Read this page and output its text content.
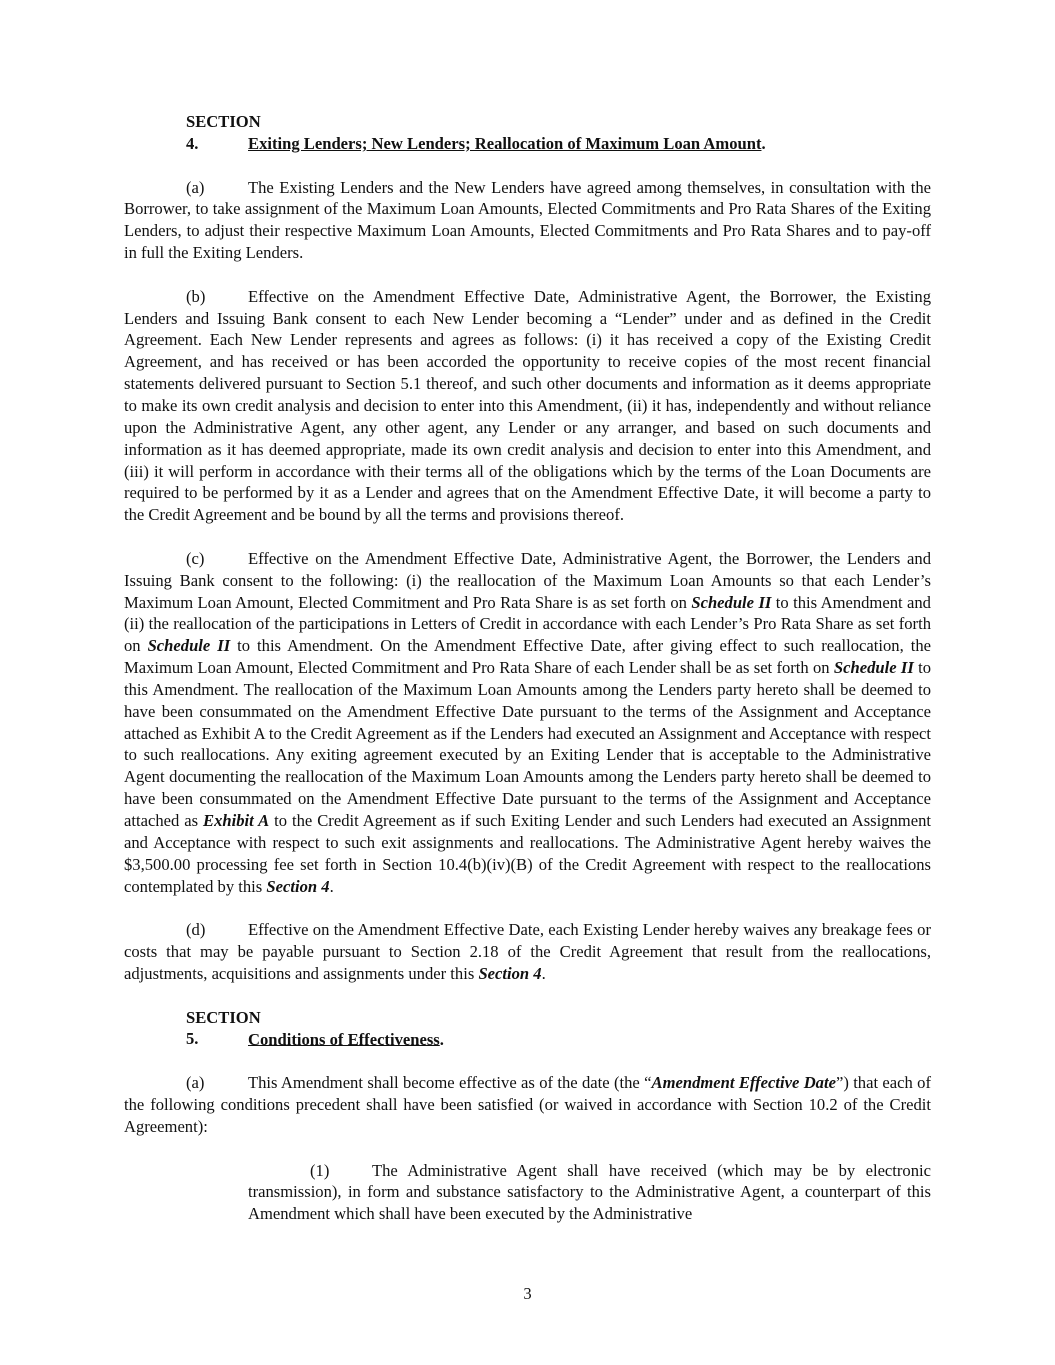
SECTION 4.	Exiting Lenders; New Lenders; Reallocation of Maximum Loan Amount.

(a)	The Existing Lenders and the New Lenders have agreed among themselves, in consultation with the Borrower, to take assignment of the Maximum Loan Amounts, Elected Commitments and Pro Rata Shares of the Exiting Lenders, to adjust their respective Maximum Loan Amounts, Elected Commitments and Pro Rata Shares and to pay-off in full the Exiting Lenders.

(b)	Effective on the Amendment Effective Date, Administrative Agent, the Borrower, the Existing Lenders and Issuing Bank consent to each New Lender becoming a “Lender” under and as defined in the Credit Agreement. Each New Lender represents and agrees as follows: (i) it has received a copy of the Existing Credit Agreement, and has received or has been accorded the opportunity to receive copies of the most recent financial statements delivered pursuant to Section 5.1 thereof, and such other documents and information as it deems appropriate to make its own credit analysis and decision to enter into this Amendment, (ii) it has, independently and without reliance upon the Administrative Agent, any other agent, any Lender or any arranger, and based on such documents and information as it has deemed appropriate, made its own credit analysis and decision to enter into this Amendment, and (iii) it will perform in accordance with their terms all of the obligations which by the terms of the Loan Documents are required to be performed by it as a Lender and agrees that on the Amendment Effective Date, it will become a party to the Credit Agreement and be bound by all the terms and provisions thereof.

(c)	Effective on the Amendment Effective Date, Administrative Agent, the Borrower, the Lenders and Issuing Bank consent to the following: (i) the reallocation of the Maximum Loan Amounts so that each Lender’s Maximum Loan Amount, Elected Commitment and Pro Rata Share is as set forth on Schedule II to this Amendment and (ii) the reallocation of the participations in Letters of Credit in accordance with each Lender’s Pro Rata Share as set forth on Schedule II to this Amendment. On the Amendment Effective Date, after giving effect to such reallocation, the Maximum Loan Amount, Elected Commitment and Pro Rata Share of each Lender shall be as set forth on Schedule II to this Amendment. The reallocation of the Maximum Loan Amounts among the Lenders party hereto shall be deemed to have been consummated on the Amendment Effective Date pursuant to the terms of the Assignment and Acceptance attached as Exhibit A to the Credit Agreement as if the Lenders had executed an Assignment and Acceptance with respect to such reallocations. Any exiting agreement executed by an Exiting Lender that is acceptable to the Administrative Agent documenting the reallocation of the Maximum Loan Amounts among the Lenders party hereto shall be deemed to have been consummated on the Amendment Effective Date pursuant to the terms of the Assignment and Acceptance attached as Exhibit A to the Credit Agreement as if such Exiting Lender and such Lenders had executed an Assignment and Acceptance with respect to such exit assignments and reallocations. The Administrative Agent hereby waives the $3,500.00 processing fee set forth in Section 10.4(b)(iv)(B) of the Credit Agreement with respect to the reallocations contemplated by this Section 4.

(d)	Effective on the Amendment Effective Date, each Existing Lender hereby waives any breakage fees or costs that may be payable pursuant to Section 2.18 of the Credit Agreement that result from the reallocations, adjustments, acquisitions and assignments under this Section 4.

SECTION 5.	Conditions of Effectiveness.

(a)	This Amendment shall become effective as of the date (the “Amendment Effective Date”) that each of the following conditions precedent shall have been satisfied (or waived in accordance with Section 10.2 of the Credit Agreement):

(1)	The Administrative Agent shall have received (which may be by electronic transmission), in form and substance satisfactory to the Administrative Agent, a counterpart of this Amendment which shall have been executed by the Administrative

3
